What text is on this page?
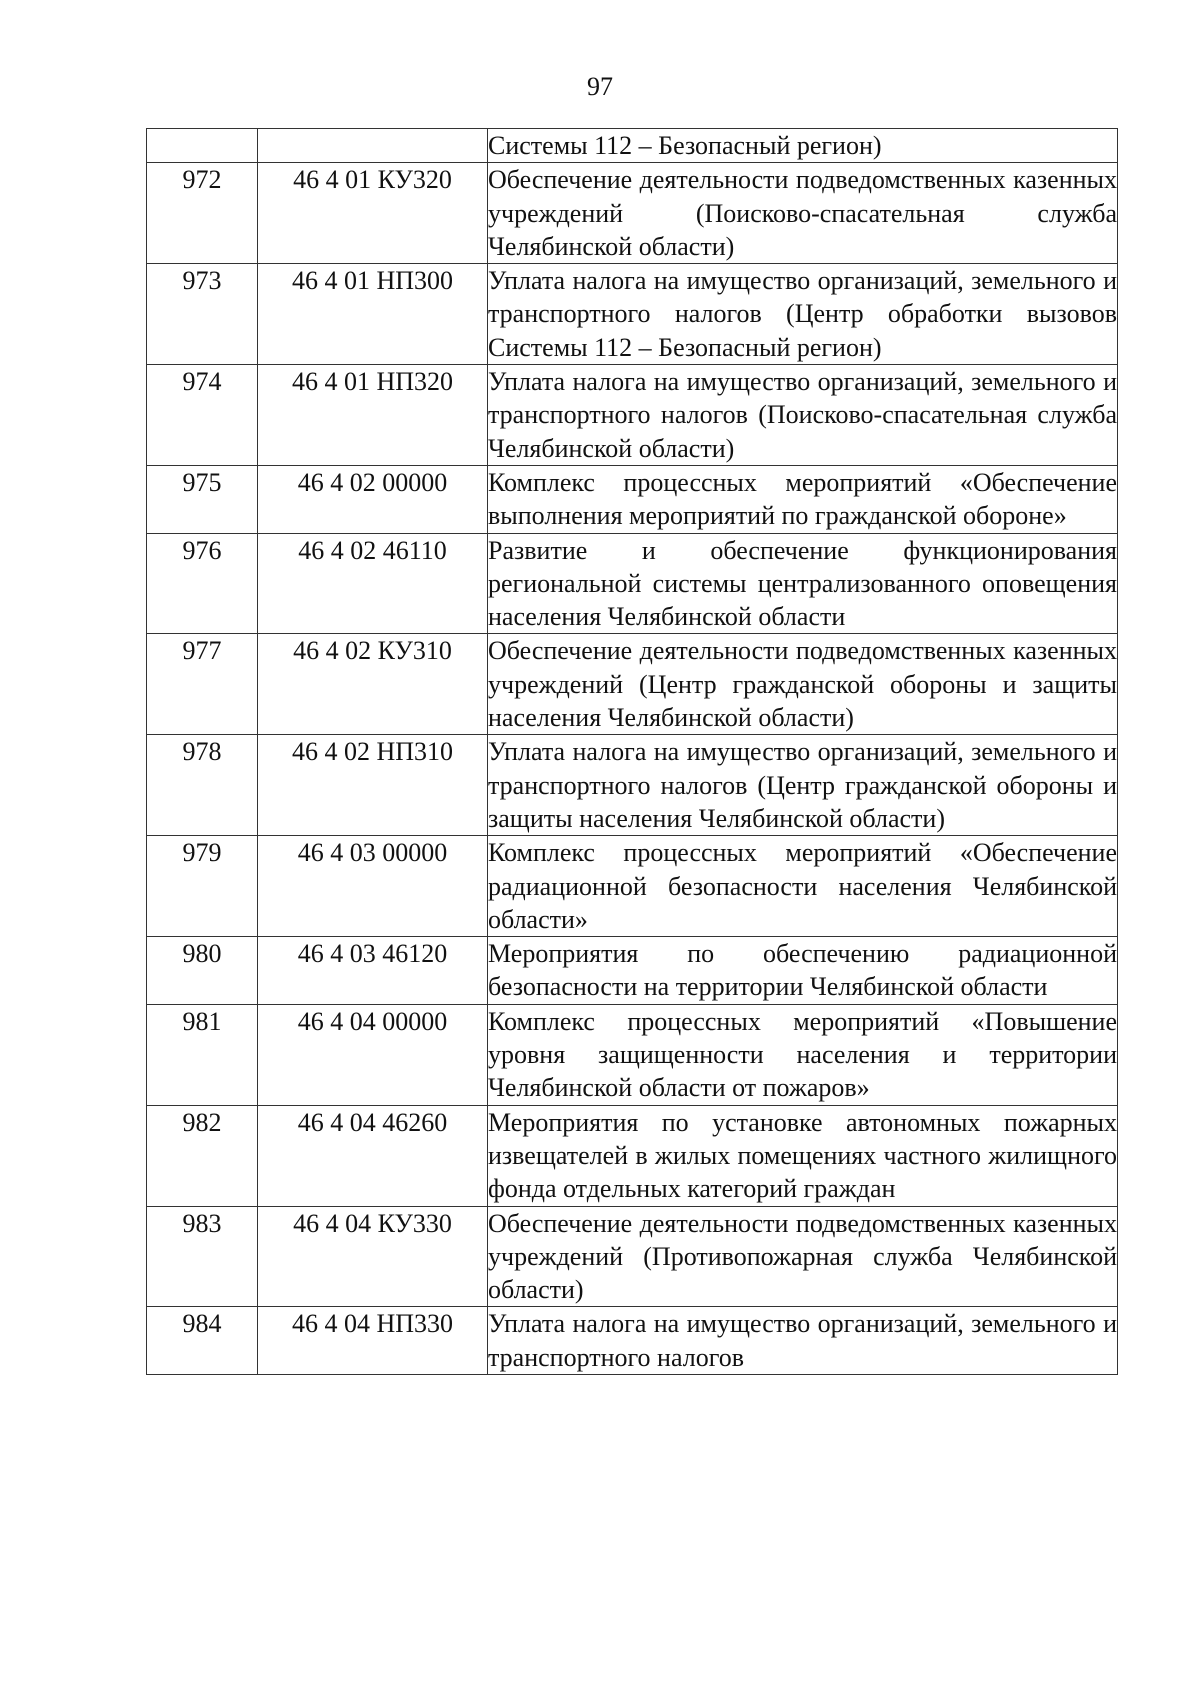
97
		Системы 112 – Безопасный регион)
972	46 4 01 КУ320	Обеспечение деятельности подведомственных казенных учреждений (Поисково-спасательная служба Челябинской области)
973	46 4 01 НП300	Уплата налога на имущество организаций, земельного и транспортного налогов (Центр обработки вызовов Системы 112 – Безопасный регион)
974	46 4 01 НП320	Уплата налога на имущество организаций, земельного и транспортного налогов (Поисково-спасательная служба Челябинской области)
975	46 4 02 00000	Комплекс процессных мероприятий «Обеспечение выполнения мероприятий по гражданской обороне»
976	46 4 02 46110	Развитие и обеспечение функционирования региональной системы централизованного оповещения населения Челябинской области
977	46 4 02 КУ310	Обеспечение деятельности подведомственных казенных учреждений (Центр гражданской обороны и защиты населения Челябинской области)
978	46 4 02 НП310	Уплата налога на имущество организаций, земельного и транспортного налогов (Центр гражданской обороны и защиты населения Челябинской области)
979	46 4 03 00000	Комплекс процессных мероприятий «Обеспечение радиационной безопасности населения Челябинской области»
980	46 4 03 46120	Мероприятия по обеспечению радиационной безопасности на территории Челябинской области
981	46 4 04 00000	Комплекс процессных мероприятий «Повышение уровня защищенности населения и территории Челябинской области от пожаров»
982	46 4 04 46260	Мероприятия по установке автономных пожарных извещателей в жилых помещениях частного жилищного фонда отдельных категорий граждан
983	46 4 04 КУ330	Обеспечение деятельности подведомственных казенных учреждений (Противопожарная служба Челябинской области)
984	46 4 04 НП330	Уплата налога на имущество организаций, земельного и транспортного налогов
